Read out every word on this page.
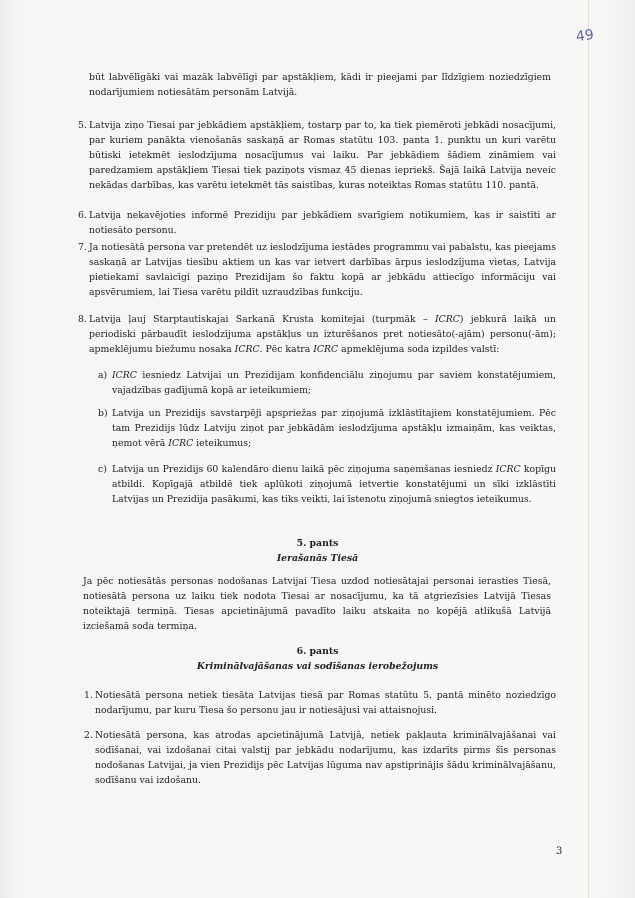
49
būt labvēlīgāki vai mazāk labvēlīgi par apstākļiem, kādi ir pieejami par līdzīgiem noziedzīgiem nodarījumiem notiesātām personām Latvijā.
5. Latvija ziņo Tiesai par jebkādiem apstākļiem, tostarp par to, ka tiek piemēroti jebkādi nosacījumi, par kuriem panākta vienošanās saskaņā ar Romas statūtu 103. panta 1. punktu un kuri varētu būtiski ietekmēt ieslodzījuma nosacījumus vai laiku. Par jebkādiem šādiem zināmiem vai paredzamiem apstākļiem Tiesai tiek paziņots vismaz 45 dienas iepriekš. Šajā laikā Latvija neveic nekādas darbības, kas varētu ietekmēt tās saistības, kuras noteiktas Romas statūtu 110. pantā.
6. Latvija nekavējoties informē Prezidiju par jebkādiem svarīgiem notikumiem, kas ir saistīti ar notiesāto personu.
7. Ja notiesātā persona var pretendēt uz ieslodzījuma iestādes programmu vai pabalstu, kas pieejams saskaņā ar Latvijas tiesību aktiem un kas var ietvert darbības ārpus ieslodzījuma vietas, Latvija pietiekami savlaicīgi paziņo Prezidijam šo faktu kopā ar jebkādu attiecīgo informāciju vai apsvērumiem, lai Tiesa varētu pildīt uzraudzības funkciju.
8. Latvija ļauj Starptautiskajai Sarkanā Krusta komitejai (turpmāk – ICRC) jebkurā laikā un periodiski pārbaudīt ieslodzījuma apstākļus un izturēšanos pret notiesāto(-ajām) personu(-ām); apmeklējumu biežumu nosaka ICRC. Pēc katra ICRC apmeklējuma soda izpildes valstī:
a) ICRC iesniedz Latvijai un Prezidijam konfidenciālu ziņojumu par saviem konstatējumiem, vajadzības gadījumā kopā ar ieteikumiem;
b) Latvija un Prezidijs savstarpēji apspriežas par ziņojumā izklāstītajiem konstatējumiem. Pēc tam Prezidijs lūdz Latviju ziņot par jebkādām ieslodzījuma apstākļu izmaiņām, kas veiktas, ņemot vērā ICRC ieteikumus;
c) Latvija un Prezidijs 60 kalendāro dienu laikā pēc ziņojuma saņemšanas iesniedz ICRC kopīgu atbildi. Kopīgajā atbildē tiek aplūkoti ziņojumā ietvertie konstatējumi un sīki izklāstīti Latvijas un Prezidija pasākumi, kas tiks veikti, lai īstenotu ziņojumā sniegtos ieteikumus.
5. pants
Ierašanās Tiesā
Ja pēc notiesātās personas nodošanas Latvijai Tiesa uzdod notiesātajai personai ierasties Tiesā, notiesātā persona uz laiku tiek nodota Tiesai ar nosacījumu, ka tā atgriezīsies Latvijā Tiesas noteiktajā termiņā. Tiesas apcietinājumā pavadīto laiku atskaita no kopējā atlikušā Latvijā izciešamā soda termiņa.
6. pants
Kriminālvajāšanas vai sodīšanas ierobežojums
1. Notiesātā persona netiek tiesāta Latvijas tiesā par Romas statūtu 5. pantā minēto noziedzīgo nodarījumu, par kuru Tiesa šo personu jau ir notiesājusi vai attaisnojusi.
2. Notiesātā persona, kas atrodas apcietinājumā Latvijā, netiek pakļauta kriminālvajāšanai vai sodīšanai, vai izdošanai citai valstij par jebkādu nodarījumu, kas izdarīts pirms šīs personas nodošanas Latvijai, ja vien Prezidijs pēc Latvijas lūguma nav apstiprinājis šādu kriminālvajāšanu, sodīšanu vai izdošanu.
3
